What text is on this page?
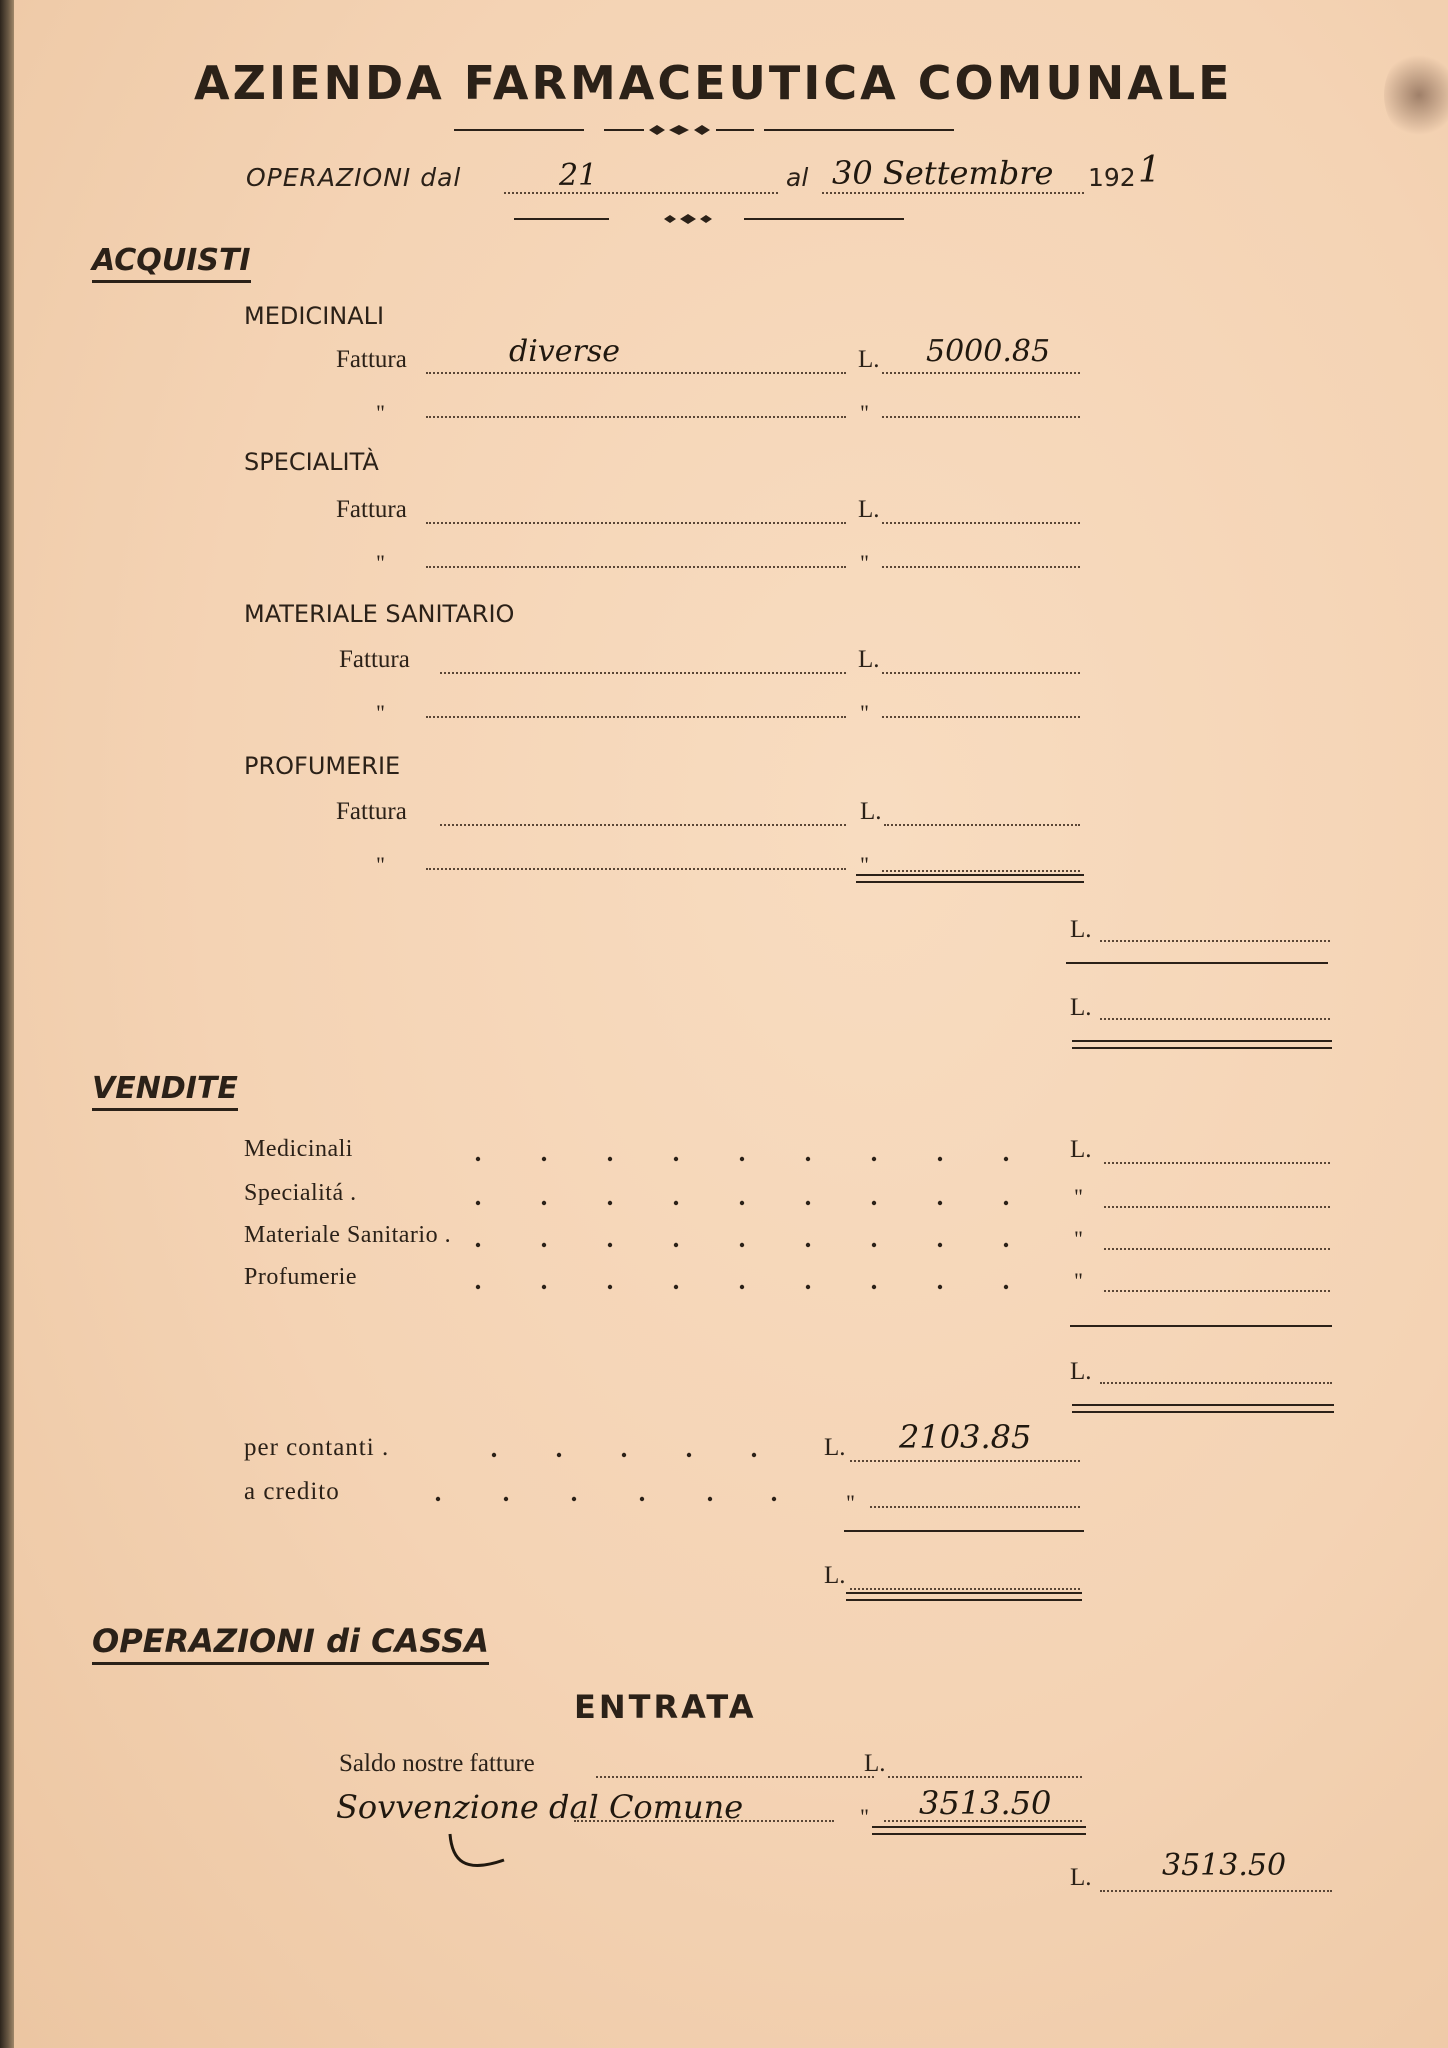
AZIENDA FARMACEUTICA COMUNALE
OPERAZIONI dal	21	al 30 Settembre 192 1
ACQUISTI
MEDICINALI
Fattura	diverse	L. 5000.85
"	"
SPECIALITÀ
Fattura	L.
"	"
MATERIALE SANITARIO
Fattura	L.
"	"
PROFUMERIE
Fattura	L.
"	"
L.
L.
VENDITE
Medicinali	L.
Specialitá .	"
Materiale Sanitario .	"
Profumerie	"
L.
per contanti .	L. 2103.85
a credito	"
L.
OPERAZIONI di CASSA
ENTRATA
Saldo nostre fatture	L.
Sovvenzione dal Comune	" 3513.50
L. 3513.50
